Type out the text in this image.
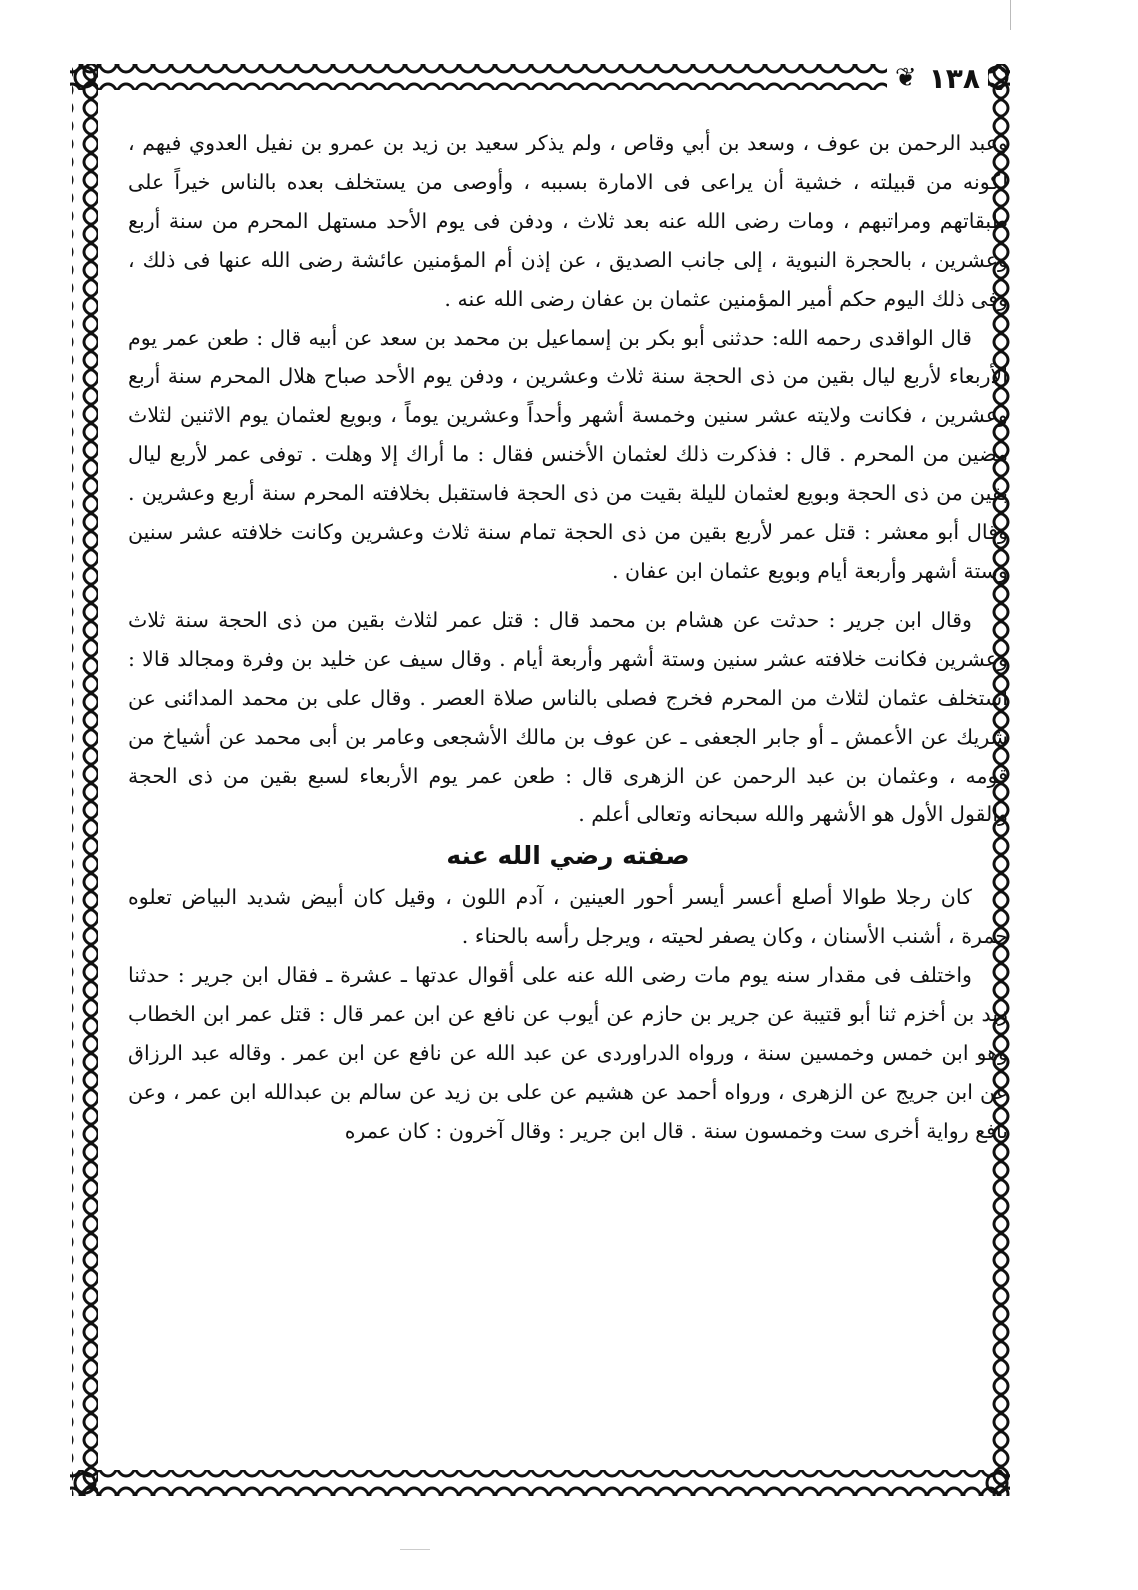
١٣٨
❦

وعبد الرحمن بن عوف ، وسعد بن أبي وقاص ، ولم يذكر سعيد بن زيد بن عمرو بن نفيل العدوي فيهم ، لكونه من قبيلته ، خشية أن يراعى فى الامارة بسببه ، وأوصى من يستخلف بعده بالناس خيراً على طبقاتهم ومراتبهم ، ومات رضى الله عنه بعد ثلاث ، ودفن فى يوم الأحد مستهل المحرم من سنة أربع وعشرين ، بالحجرة النبوية ، إلى جانب الصديق ، عن إذن أم المؤمنين عائشة رضى الله عنها فى ذلك ، وفى ذلك اليوم حكم أمير المؤمنين عثمان بن عفان رضى الله عنه .

قال الواقدى رحمه الله: حدثنى أبو بكر بن إسماعيل بن محمد بن سعد عن أبيه قال : طعن عمر يوم الأربعاء لأربع ليال بقين من ذى الحجة سنة ثلاث وعشرين ، ودفن يوم الأحد صباح هلال المحرم سنة أربع وعشرين ، فكانت ولايته عشر سنين وخمسة أشهر وأحداً وعشرين يوماً ، وبويع لعثمان يوم الاثنين لثلاث مضين من المحرم . قال : فذكرت ذلك لعثمان الأخنس فقال : ما أراك إلا وهلت . توفى عمر لأربع ليال بقين من ذى الحجة وبويع لعثمان لليلة بقيت من ذى الحجة فاستقبل بخلافته المحرم سنة أربع وعشرين . وقال أبو معشر : قتل عمر لأربع بقين من ذى الحجة تمام سنة ثلاث وعشرين وكانت خلافته عشر سنين وستة أشهر وأربعة أيام وبويع عثمان ابن عفان .

وقال ابن جرير : حدثت عن هشام بن محمد قال : قتل عمر لثلاث بقين من ذى الحجة سنة ثلاث وعشرين فكانت خلافته عشر سنين وستة أشهر وأربعة أيام . وقال سيف عن خليد بن وفرة ومجالد قالا : استخلف عثمان لثلاث من المحرم فخرج فصلى بالناس صلاة العصر . وقال على بن محمد المدائنى عن شريك عن الأعمش ـ أو جابر الجعفى ـ عن عوف بن مالك الأشجعى وعامر بن أبى محمد عن أشياخ من قومه ، وعثمان بن عبد الرحمن عن الزهرى قال : طعن عمر يوم الأربعاء لسبع بقين من ذى الحجة والقول الأول هو الأشهر والله سبحانه وتعالى أعلم .

صفته رضي الله عنه

كان رجلا طوالا أصلع أعسر أيسر أحور العينين ، آدم اللون ، وقيل كان أبيض شديد البياض تعلوه حمرة ، أشنب الأسنان ، وكان يصفر لحيته ، ويرجل رأسه بالحناء .

واختلف فى مقدار سنه يوم مات رضى الله عنه على أقوال عدتها ـ عشرة ـ فقال ابن جرير : حدثنا زيد بن أخزم ثنا أبو قتيبة عن جرير بن حازم عن أيوب عن نافع عن ابن عمر قال : قتل عمر ابن الخطاب وهو ابن خمس وخمسين سنة ، ورواه الدراوردى عن عبد الله عن نافع عن ابن عمر . وقاله عبد الرزاق عن ابن جريج عن الزهرى ، ورواه أحمد عن هشيم عن على بن زيد عن سالم بن عبدالله ابن عمر ، وعن نافع رواية أخرى ست وخمسون سنة . قال ابن جرير : وقال آخرون : كان عمره
